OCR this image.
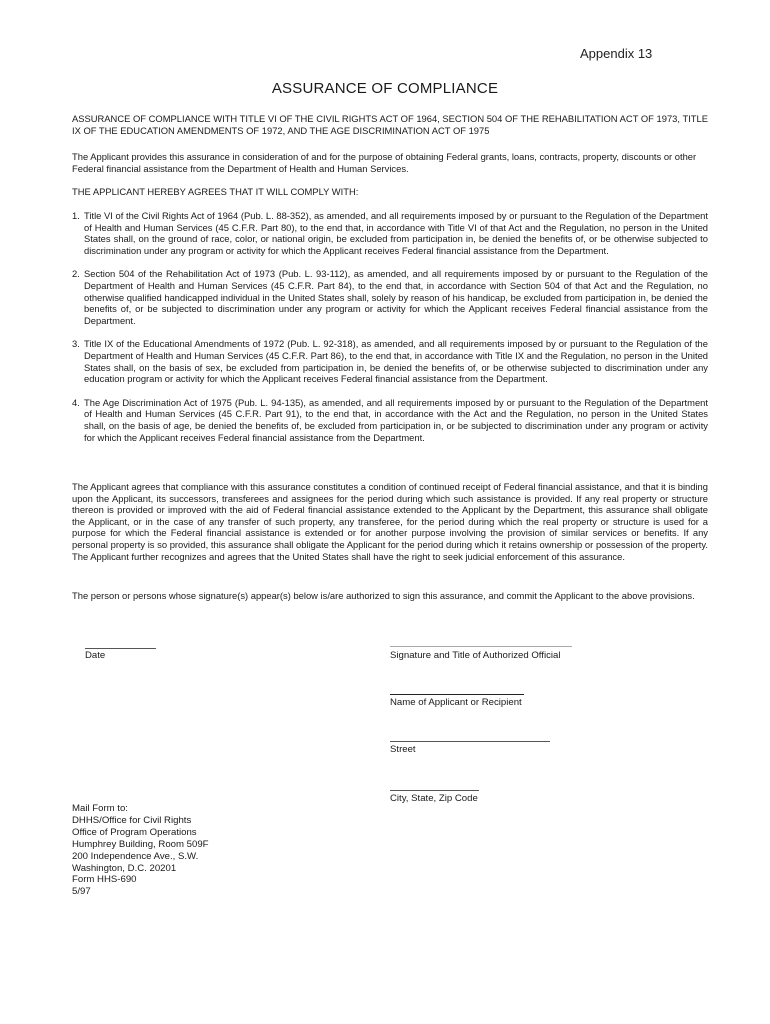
Appendix 13
ASSURANCE OF COMPLIANCE
ASSURANCE OF COMPLIANCE WITH TITLE VI OF THE CIVIL RIGHTS ACT OF 1964, SECTION 504 OF THE REHABILITATION ACT OF 1973, TITLE IX OF THE EDUCATION AMENDMENTS OF 1972, AND THE AGE DISCRIMINATION ACT OF 1975
The Applicant provides this assurance in consideration of and for the purpose of obtaining Federal grants, loans, contracts, property, discounts or other Federal financial assistance from the Department of Health and Human Services.
THE APPLICANT HEREBY AGREES THAT IT WILL COMPLY WITH:
1. Title VI of the Civil Rights Act of 1964 (Pub. L. 88-352), as amended, and all requirements imposed by or pursuant to the Regulation of the Department of Health and Human Services (45 C.F.R. Part 80), to the end that, in accordance with Title VI of that Act and the Regulation, no person in the United States shall, on the ground of race, color, or national origin, be excluded from participation in, be denied the benefits of, or be otherwise subjected to discrimination under any program or activity for which the Applicant receives Federal financial assistance from the Department.
2. Section 504 of the Rehabilitation Act of 1973 (Pub. L. 93-112), as amended, and all requirements imposed by or pursuant to the Regulation of the Department of Health and Human Services (45 C.F.R. Part 84), to the end that, in accordance with Section 504 of that Act and the Regulation, no otherwise qualified handicapped individual in the United States shall, solely by reason of his handicap, be excluded from participation in, be denied the benefits of, or be subjected to discrimination under any program or activity for which the Applicant receives Federal financial assistance from the Department.
3. Title IX of the Educational Amendments of 1972 (Pub. L. 92-318), as amended, and all requirements imposed by or pursuant to the Regulation of the Department of Health and Human Services (45 C.F.R. Part 86), to the end that, in accordance with Title IX and the Regulation, no person in the United States shall, on the basis of sex, be excluded from participation in, be denied the benefits of, or be otherwise subjected to discrimination under any education program or activity for which the Applicant receives Federal financial assistance from the Department.
4. The Age Discrimination Act of 1975 (Pub. L. 94-135), as amended, and all requirements imposed by or pursuant to the Regulation of the Department of Health and Human Services (45 C.F.R. Part 91), to the end that, in accordance with the Act and the Regulation, no person in the United States shall, on the basis of age, be denied the benefits of, be excluded from participation in, or be subjected to discrimination under any program or activity for which the Applicant receives Federal financial assistance from the Department.
The Applicant agrees that compliance with this assurance constitutes a condition of continued receipt of Federal financial assistance, and that it is binding upon the Applicant, its successors, transferees and assignees for the period during which such assistance is provided. If any real property or structure thereon is provided or improved with the aid of Federal financial assistance extended to the Applicant by the Department, this assurance shall obligate the Applicant, or in the case of any transfer of such property, any transferee, for the period during which the real property or structure is used for a purpose for which the Federal financial assistance is extended or for another purpose involving the provision of similar services or benefits. If any personal property is so provided, this assurance shall obligate the Applicant for the period during which it retains ownership or possession of the property. The Applicant further recognizes and agrees that the United States shall have the right to seek judicial enforcement of this assurance.
The person or persons whose signature(s) appear(s) below is/are authorized to sign this assurance, and commit the Applicant to the above provisions.
Date	Signature and Title of Authorized Official
Name of Applicant or Recipient
Street
City, State, Zip Code
Mail Form to:
DHHS/Office for Civil Rights
Office of Program Operations
Humphrey Building, Room 509F
200 Independence Ave., S.W.
Washington, D.C. 20201
Form HHS-690
5/97
